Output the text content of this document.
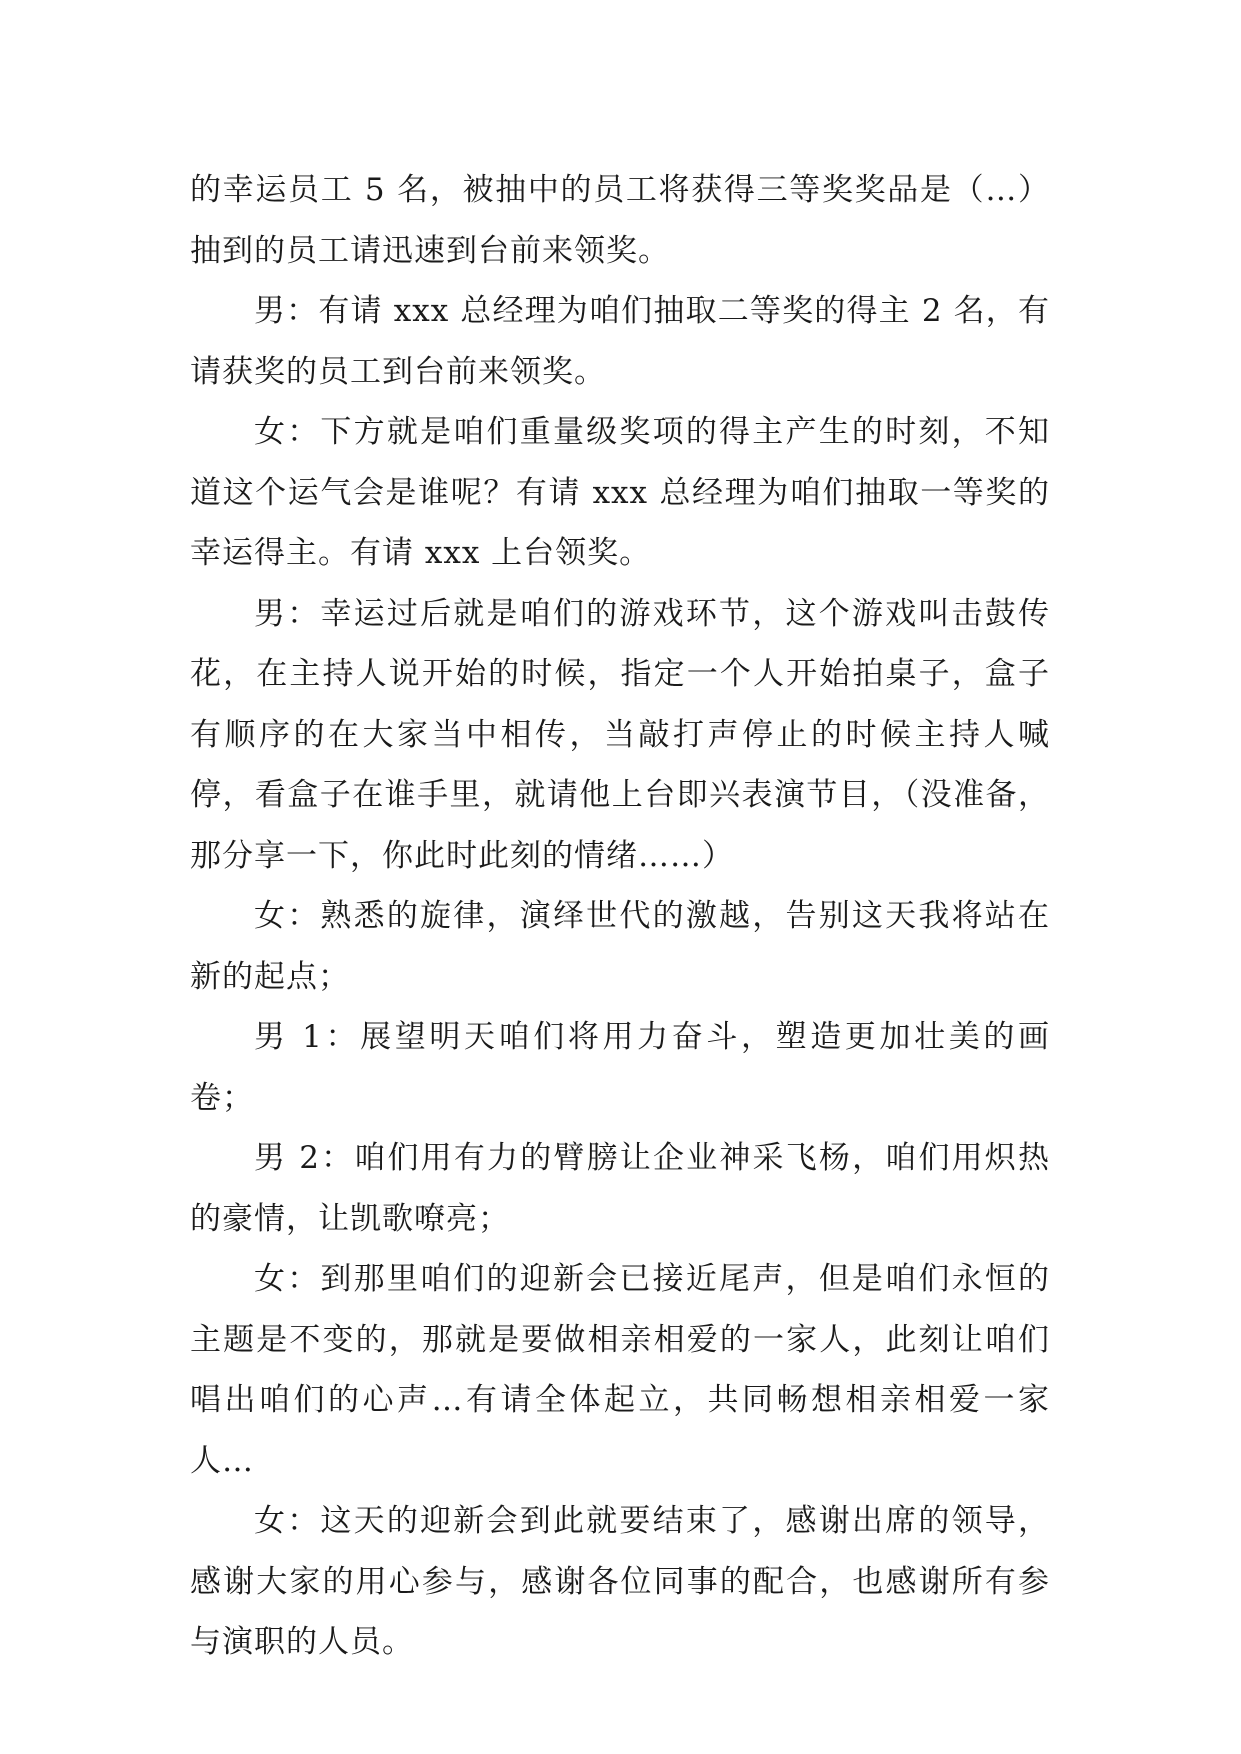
的幸运员工 5 名，被抽中的员工将获得三等奖奖品是（…）抽到的员工请迅速到台前来领奖。

男：有请 xxx 总经理为咱们抽取二等奖的得主 2 名，有请获奖的员工到台前来领奖。

女：下方就是咱们重量级奖项的得主产生的时刻，不知道这个运气会是谁呢？有请 xxx 总经理为咱们抽取一等奖的幸运得主。有请 xxx 上台领奖。

男：幸运过后就是咱们的游戏环节，这个游戏叫击鼓传花，在主持人说开始的时候，指定一个人开始拍桌子，盒子有顺序的在大家当中相传，当敲打声停止的时候主持人喊停，看盒子在谁手里，就请他上台即兴表演节目，（没准备，那分享一下，你此时此刻的情绪……）

女：熟悉的旋律，演绎世代的激越，告别这天我将站在新的起点；

男 1：展望明天咱们将用力奋斗，塑造更加壮美的画卷；

男 2：咱们用有力的臂膀让企业神采飞杨，咱们用炽热的豪情，让凯歌嘹亮；

女：到那里咱们的迎新会已接近尾声，但是咱们永恒的主题是不变的，那就是要做相亲相爱的一家人，此刻让咱们唱出咱们的心声…有请全体起立，共同畅想相亲相爱一家人…

女：这天的迎新会到此就要结束了，感谢出席的领导，感谢大家的用心参与，感谢各位同事的配合，也感谢所有参与演职的人员。
